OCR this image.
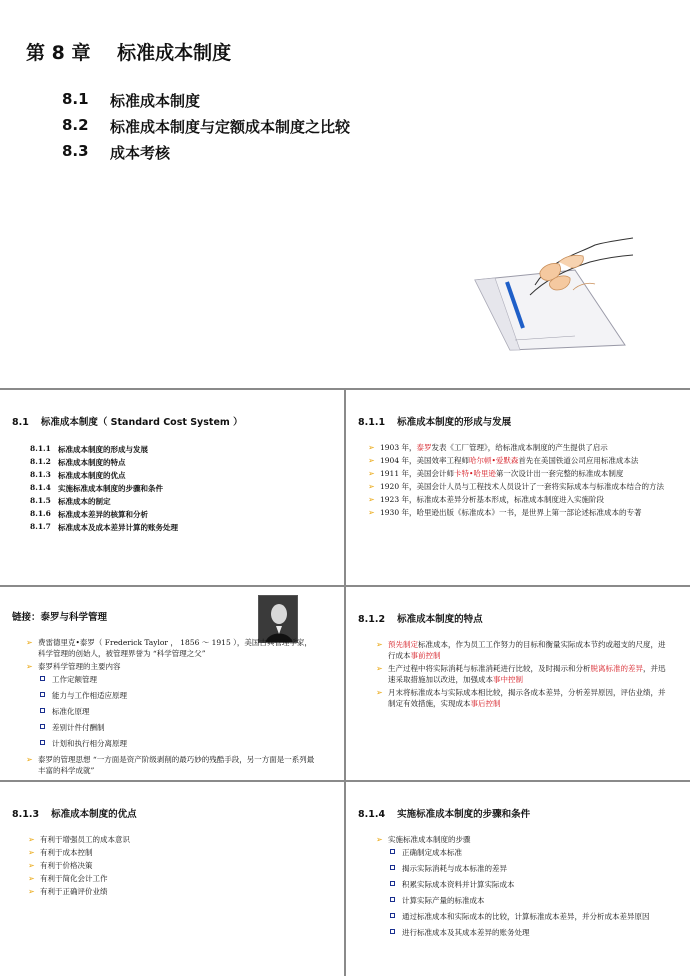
第 8 章 标准成本制度
8.1	标准成本制度
8.2	标准成本制度与定额成本制度之比较
8.3	成本考核
8.1 标准成本制度（ Standard Cost System ）
8.1.1 标准成本制度的形成与发展
8.1.2 标准成本制度的特点
8.1.3 标准成本制度的优点
8.1.4 实施标准成本制度的步骤和条件
8.1.5 标准成本的制定
8.1.6 标准成本差异的核算和分析
8.1.7 标准成本及成本差异计算的账务处理
8.1.1 标准成本制度的形成与发展
➢ 1903 年，泰罗发表《工厂管理》，给标准成本制度的产生提供了启示
➢ 1904 年，美国效率工程师哈尔顿•爱默森首先在美国铁道公司应用标准成本法
➢ 1911 年，美国会计师卡特•哈里逊第一次设计出一套完整的标准成本制度
➢ 1920 年，美国会计人员与工程技术人员设计了一套将实际成本与标准成本结合的方法
➢ 1923 年，标准成本差异分析基本形成，标准成本制度进入实施阶段
➢ 1930 年，哈里逊出版《标准成本》一书，是世界上第一部论述标准成本的专著
链接：泰罗与科学管理
➢ 费雷德里克•泰罗（ Frederick Taylor ， 1856 ～ 1915 ），美国古典管理学家，科学管理的创始人，被管理界誉为 “科学管理之父”
➢ 泰罗科学管理的主要内容
工作定额管理
能力与工作相适应原理
标准化原理
差别计件付酬制
计划和执行相分离原理
➢ 泰罗的管理思想 “一方面是资产阶级剥削的最巧妙的残酷手段，另一方面是一系列最丰富的科学成就”
8.1.2 标准成本制度的特点
➢ 预先制定标准成本，作为员工工作努力的目标和衡量实际成本节约或超支的尺度，进行成本事前控制
➢ 生产过程中将实际消耗与标准消耗进行比较，及时揭示和分析脱离标准的差异，并迅速采取措施加以改进，加强成本事中控制
➢ 月末将标准成本与实际成本相比较，揭示各成本差异，分析差异原因，评估业绩，并制定有效措施，实现成本事后控制
8.1.3 标准成本制度的优点
➢ 有利于增强员工的成本意识
➢ 有利于成本控制
➢ 有利于价格决策
➢ 有利于简化会计工作
➢ 有利于正确评价业绩
8.1.4 实施标准成本制度的步骤和条件
➢ 实施标准成本制度的步骤
正确制定成本标准
揭示实际消耗与成本标准的差异
积累实际成本资料并计算实际成本
计算实际产量的标准成本
通过标准成本和实际成本的比较，计算标准成本差异，并分析成本差异原因
进行标准成本及其成本差异的账务处理
